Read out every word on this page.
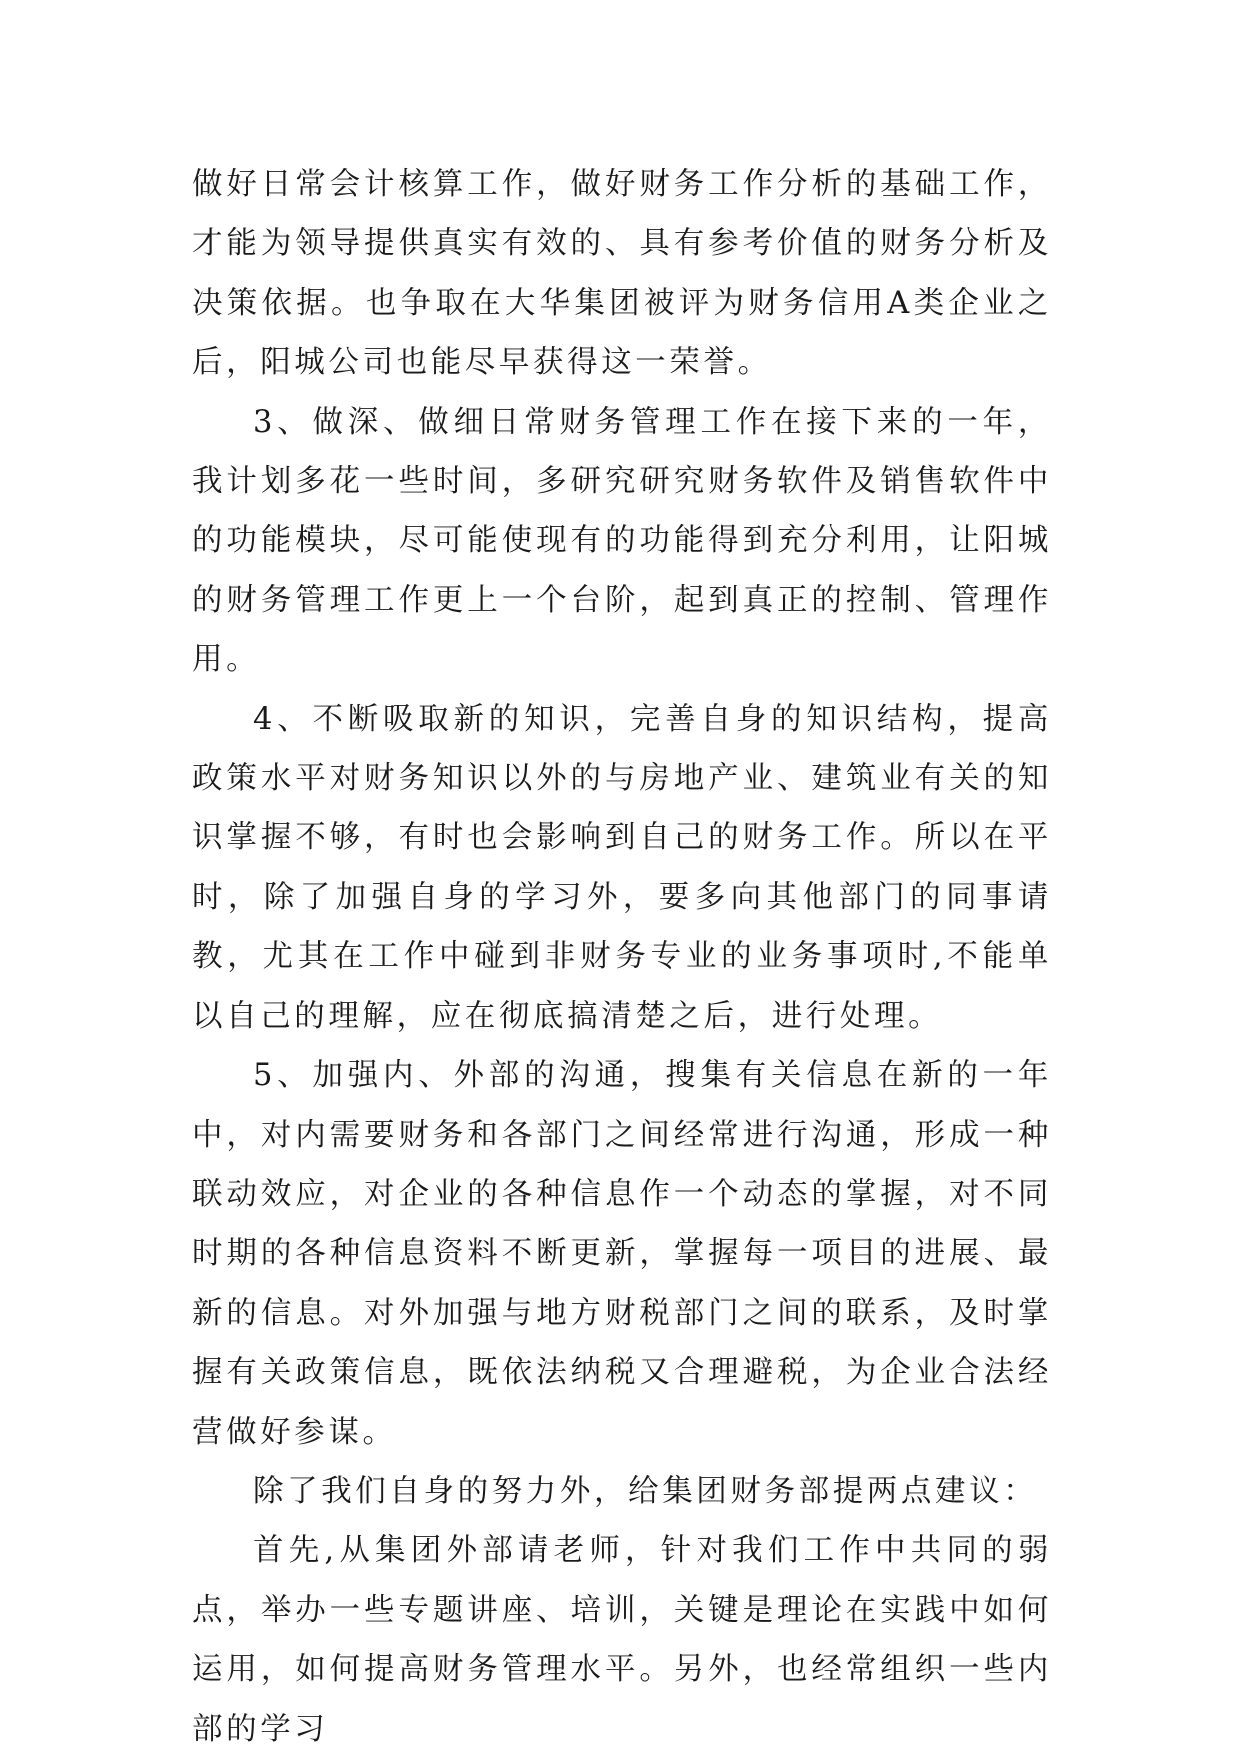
做好日常会计核算工作，做好财务工作分析的基础工作，才能为领导提供真实有效的、具有参考价值的财务分析及决策依据。也争取在大华集团被评为财务信用A类企业之后，阳城公司也能尽早获得这一荣誉。

3、做深、做细日常财务管理工作在接下来的一年，我计划多花一些时间，多研究研究财务软件及销售软件中的功能模块，尽可能使现有的功能得到充分利用，让阳城的财务管理工作更上一个台阶，起到真正的控制、管理作用。

4、不断吸取新的知识，完善自身的知识结构，提高政策水平对财务知识以外的与房地产业、建筑业有关的知识掌握不够，有时也会影响到自己的财务工作。所以在平时，除了加强自身的学习外，要多向其他部门的同事请教，尤其在工作中碰到非财务专业的业务事项时,不能单以自己的理解，应在彻底搞清楚之后，进行处理。

5、加强内、外部的沟通，搜集有关信息在新的一年中，对内需要财务和各部门之间经常进行沟通，形成一种联动效应，对企业的各种信息作一个动态的掌握，对不同时期的各种信息资料不断更新，掌握每一项目的进展、最新的信息。对外加强与地方财税部门之间的联系，及时掌握有关政策信息，既依法纳税又合理避税，为企业合法经营做好参谋。

除了我们自身的努力外，给集团财务部提两点建议：

首先,从集团外部请老师，针对我们工作中共同的弱点，举办一些专题讲座、培训，关键是理论在实践中如何运用，如何提高财务管理水平。另外，也经常组织一些内部的学习
